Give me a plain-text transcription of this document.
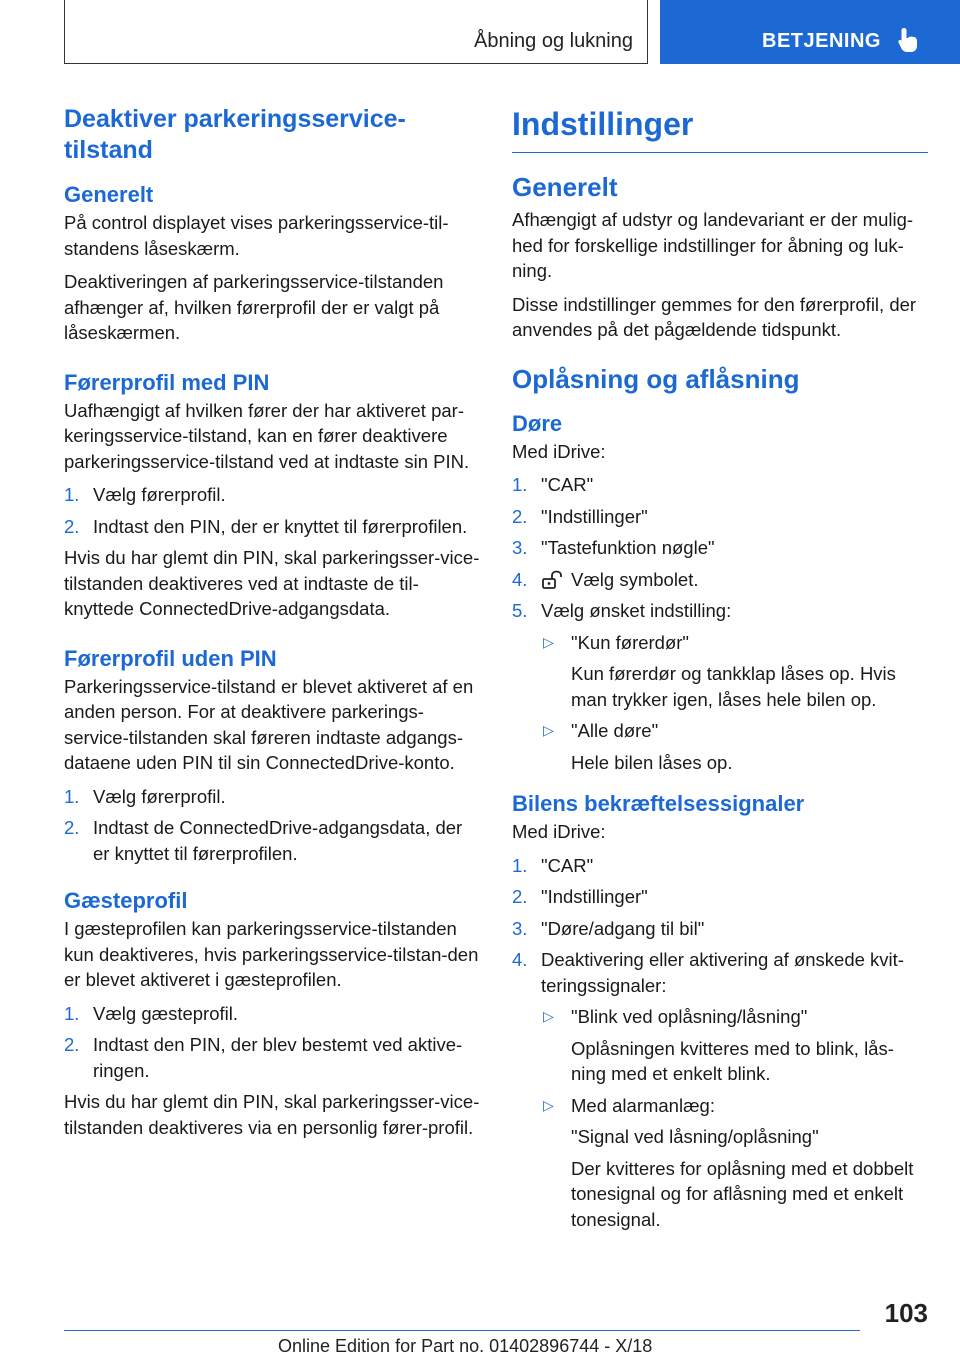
Åbning og lukning	BETJENING
Deaktiver parkeringsservice-tilstand
Generelt

På control displayet vises parkeringsservice-til-standens låseskærm.

Deaktiveringen af parkeringsservice-tilstanden afhænger af, hvilken førerprofil der er valgt på låseskærmen.

Førerprofil med PIN

Uafhængigt af hvilken fører der har aktiveret par-keringsservice-tilstand, kan en fører deaktivere parkeringsservice-tilstand ved at indtaste sin PIN.

1. Vælg førerprofil.
2. Indtast den PIN, der er knyttet til førerprofilen.

Hvis du har glemt din PIN, skal parkeringsser-vice-tilstanden deaktiveres ved at indtaste de til-knyttede ConnectedDrive-adgangsdata.

Førerprofil uden PIN

Parkeringsservice-tilstand er blevet aktiveret af en anden person. For at deaktivere parkerings-service-tilstanden skal føreren indtaste adgangs-dataene uden PIN til sin ConnectedDrive-konto.

1. Vælg førerprofil.
2. Indtast de ConnectedDrive-adgangsdata, der er knyttet til førerprofilen.
Gæsteprofil

I gæsteprofilen kan parkeringsservice-tilstanden kun deaktiveres, hvis parkeringsservice-tilstan-den er blevet aktiveret i gæsteprofilen.

1. Vælg gæsteprofil.
2. Indtast den PIN, der blev bestemt ved aktive-ringen.

Hvis du har glemt din PIN, skal parkeringsser-vice-tilstanden deaktiveres via en personlig fører-profil.

Indstillinger
Generelt

Afhængigt af udstyr og landevariant er der mulig-hed for forskellige indstillinger for åbning og luk-ning.

Disse indstillinger gemmes for den førerprofil, der anvendes på det pågældende tidspunkt.

Oplåsning og aflåsning
Døre

Med iDrive:

1. "CAR"
2. "Indstillinger"
3. "Tastefunktion nøgle"
4. Vælg symbolet.
5. Vælg ønsket indstilling:
▷ "Kun førerdør"
Kun førerdør og tankklap låses op. Hvis man trykker igen, låses hele bilen op.
▷ "Alle døre"
Hele bilen låses op.
Bilens bekræftelsessignaler

Med iDrive:

1. "CAR"
2. "Indstillinger"
3. "Døre/adgang til bil"
4. Deaktivering eller aktivering af ønskede kvit-teringssignaler:
▷ "Blink ved oplåsning/låsning"
Oplåsningen kvitteres med to blink, lås-ning med et enkelt blink.
▷ Med alarmanlæg:
"Signal ved låsning/oplåsning"
Der kvitteres for oplåsning med et dobbelt tonesignal og for aflåsning med et enkelt tonesignal.
103
Online Edition for Part no. 01402896744 - X/18
